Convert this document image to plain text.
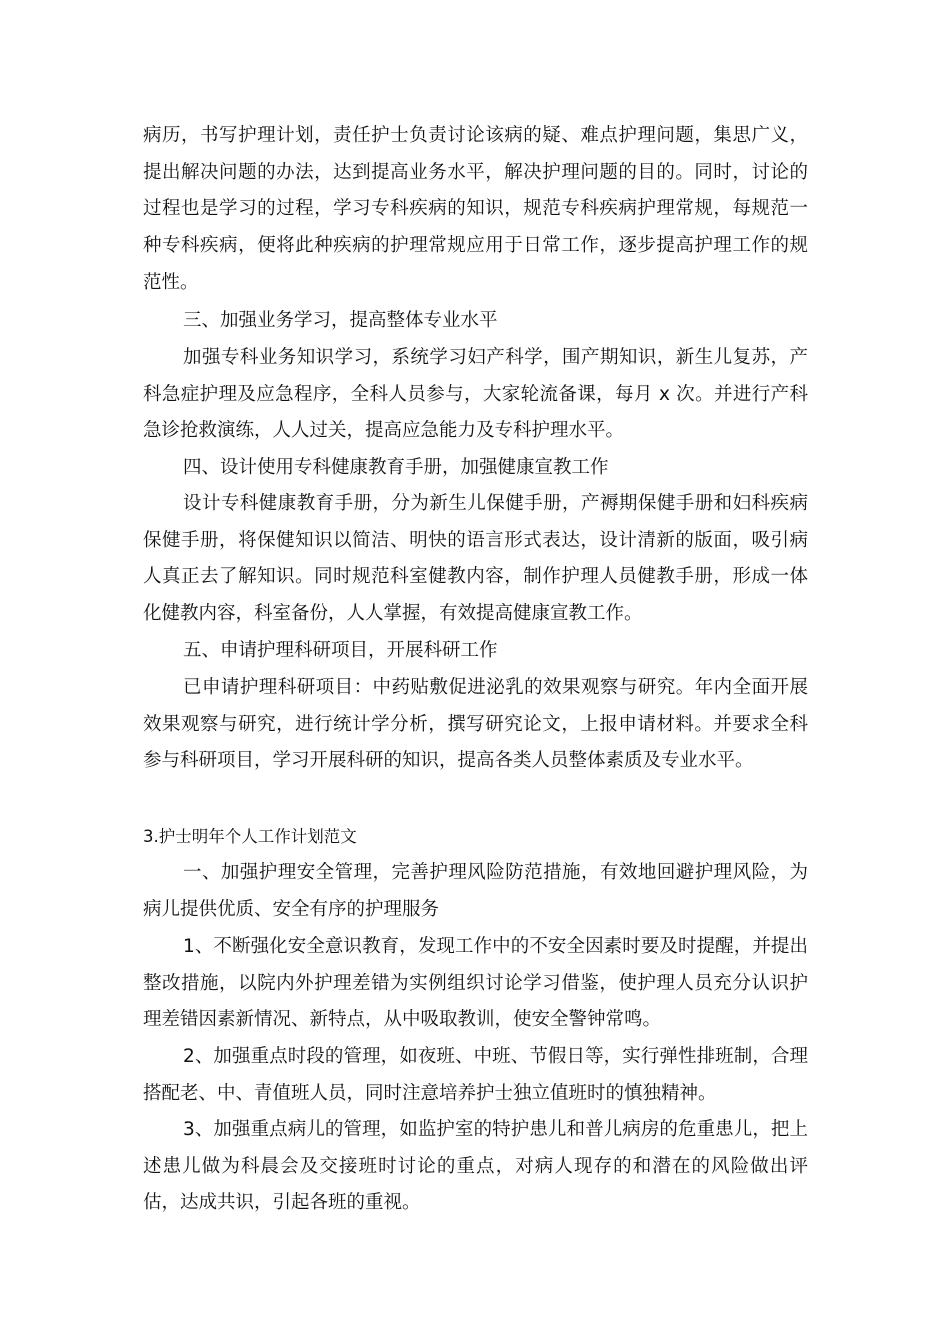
病历，书写护理计划，责任护士负责讨论该病的疑、难点护理问题，集思广义，提出解决问题的办法，达到提高业务水平，解决护理问题的目的。同时，讨论的过程也是学习的过程，学习专科疾病的知识，规范专科疾病护理常规，每规范一种专科疾病，便将此种疾病的护理常规应用于日常工作，逐步提高护理工作的规范性。

三、加强业务学习，提高整体专业水平

加强专科业务知识学习，系统学习妇产科学，围产期知识，新生儿复苏，产科急症护理及应急程序，全科人员参与，大家轮流备课，每月 x 次。并进行产科急诊抢救演练，人人过关，提高应急能力及专科护理水平。

四、设计使用专科健康教育手册，加强健康宣教工作

设计专科健康教育手册，分为新生儿保健手册，产褥期保健手册和妇科疾病保健手册，将保健知识以简洁、明快的语言形式表达，设计清新的版面，吸引病人真正去了解知识。同时规范科室健教内容，制作护理人员健教手册，形成一体化健教内容，科室备份，人人掌握，有效提高健康宣教工作。

五、申请护理科研项目，开展科研工作

已申请护理科研项目：中药贴敷促进泌乳的效果观察与研究。年内全面开展效果观察与研究，进行统计学分析，撰写研究论文，上报申请材料。并要求全科参与科研项目，学习开展科研的知识，提高各类人员整体素质及专业水平。

3.护士明年个人工作计划范文

一、加强护理安全管理，完善护理风险防范措施，有效地回避护理风险，为病儿提供优质、安全有序的护理服务

1、不断强化安全意识教育，发现工作中的不安全因素时要及时提醒，并提出整改措施，以院内外护理差错为实例组织讨论学习借鉴，使护理人员充分认识护理差错因素新情况、新特点，从中吸取教训，使安全警钟常鸣。

2、加强重点时段的管理，如夜班、中班、节假日等，实行弹性排班制，合理搭配老、中、青值班人员，同时注意培养护士独立值班时的慎独精神。

3、加强重点病儿的管理，如监护室的特护患儿和普儿病房的危重患儿，把上述患儿做为科晨会及交接班时讨论的重点，对病人现存的和潜在的风险做出评估，达成共识，引起各班的重视。
